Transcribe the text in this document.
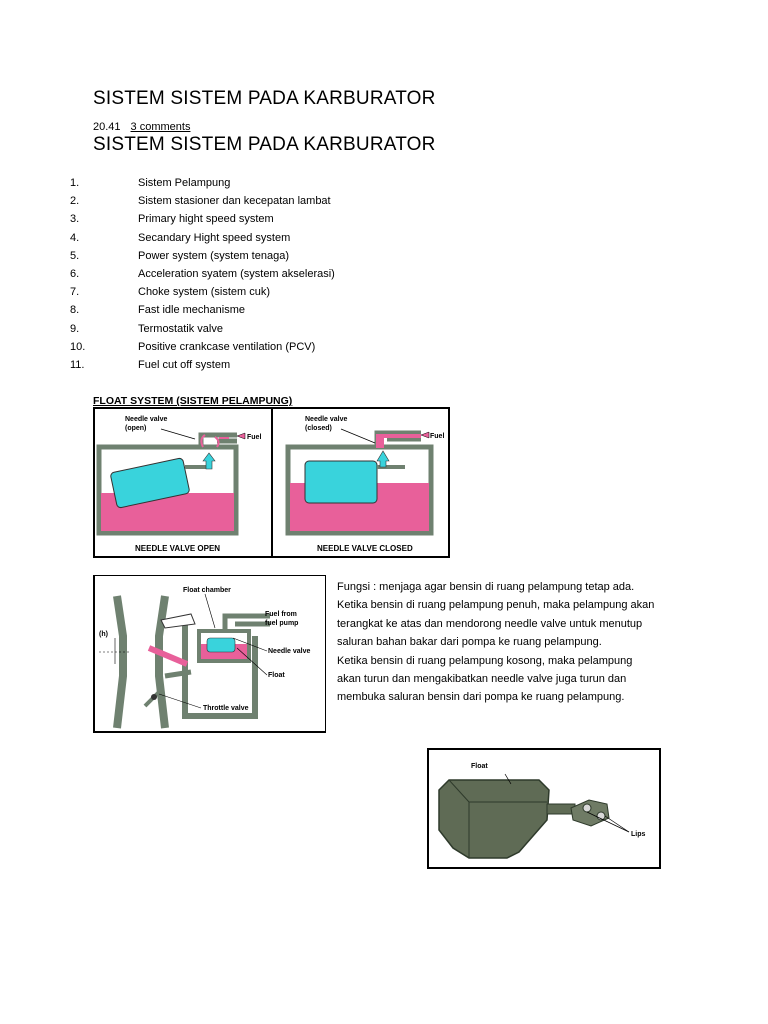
SISTEM SISTEM PADA KARBURATOR
20.41 3 comments
SISTEM SISTEM PADA KARBURATOR
1.	Sistem Pelampung
2.	Sistem stasioner dan kecepatan lambat
3.	Primary hight speed system
4.	Secandary Hight speed system
5.	Power system (system tenaga)
6.	Acceleration syatem (system akselerasi)
7.	Choke system (sistem cuk)
8.	Fast idle mechanisme
9.	Termostatik valve
10.	Positive crankcase ventilation (PCV)
11.	Fuel cut off system
FLOAT SYSTEM (SISTEM PELAMPUNG)
Needle valve
(open)
Fuel
NEEDLE VALVE OPEN
Needle valve
(closed)
Fuel
NEEDLE VALVE CLOSED
(h)
Float chamber
Fuel from
fuel pump
Needle valve
Float
Throttle valve

Fungsi : menjaga agar bensin di ruang pelampung tetap ada.

Ketika bensin di ruang pelampung penuh, maka pelampung akan

terangkat ke atas dan mendorong needle valve untuk menutup

saluran bahan bakar dari pompa ke ruang pelampung.

Ketika bensin di ruang pelampung kosong, maka pelampung

akan turun dan mengakibatkan needle valve juga turun dan

membuka saluran bensin dari pompa ke ruang pelampung.

Float
Lips
